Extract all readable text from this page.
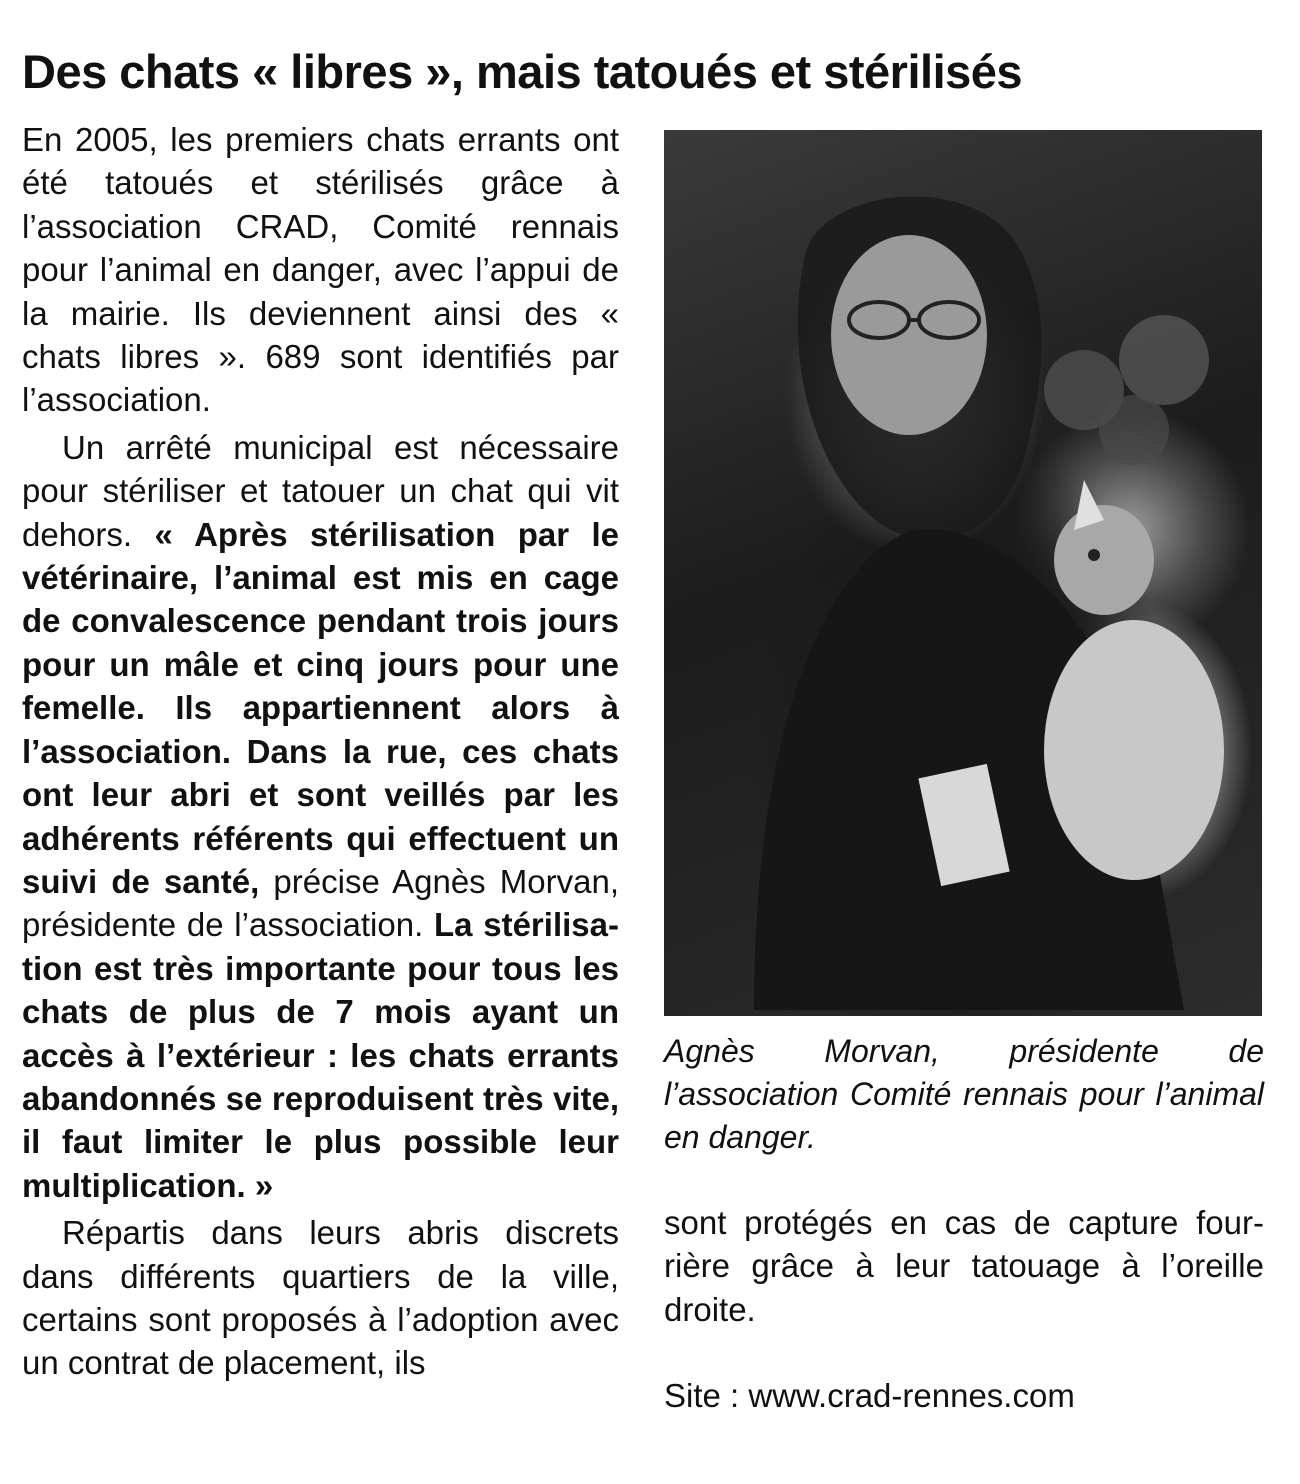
Des chats « libres », mais tatoués et stérilisés

En 2005, les premiers chats errants ont été tatoués et stérilisés grâce à l’association CRAD, Comité rennais pour l’animal en danger, avec l’appui de la mairie. Ils deviennent ainsi des « chats libres ». 689 sont identifiés par l’association.

Un arrêté municipal est nécessaire pour stériliser et tatouer un chat qui vit dehors. « Après stérilisation par le vétérinaire, l’animal est mis en cage de convalescence pendant trois jours pour un mâle et cinq jours pour une femelle. Ils appartiennent alors à l’association. Dans la rue, ces chats ont leur abri et sont veillés par les adhérents référents qui effectuent un suivi de santé, précise Agnès Morvan, présidente de l’association. La stérilisation est très importante pour tous les chats de plus de 7 mois ayant un accès à l’extérieur : les chats errants abandonnés se reproduisent très vite, il faut limiter le plus possible leur multiplication. »

Répartis dans leurs abris discrets dans différents quartiers de la ville, certains sont proposés à l’adoption avec un contrat de placement, ils

Agnès Morvan, présidente de l’association Comité rennais pour l’animal en danger.

sont protégés en cas de capture fourrière grâce à leur tatouage à l’oreille droite.

Site : www.crad-rennes.com
